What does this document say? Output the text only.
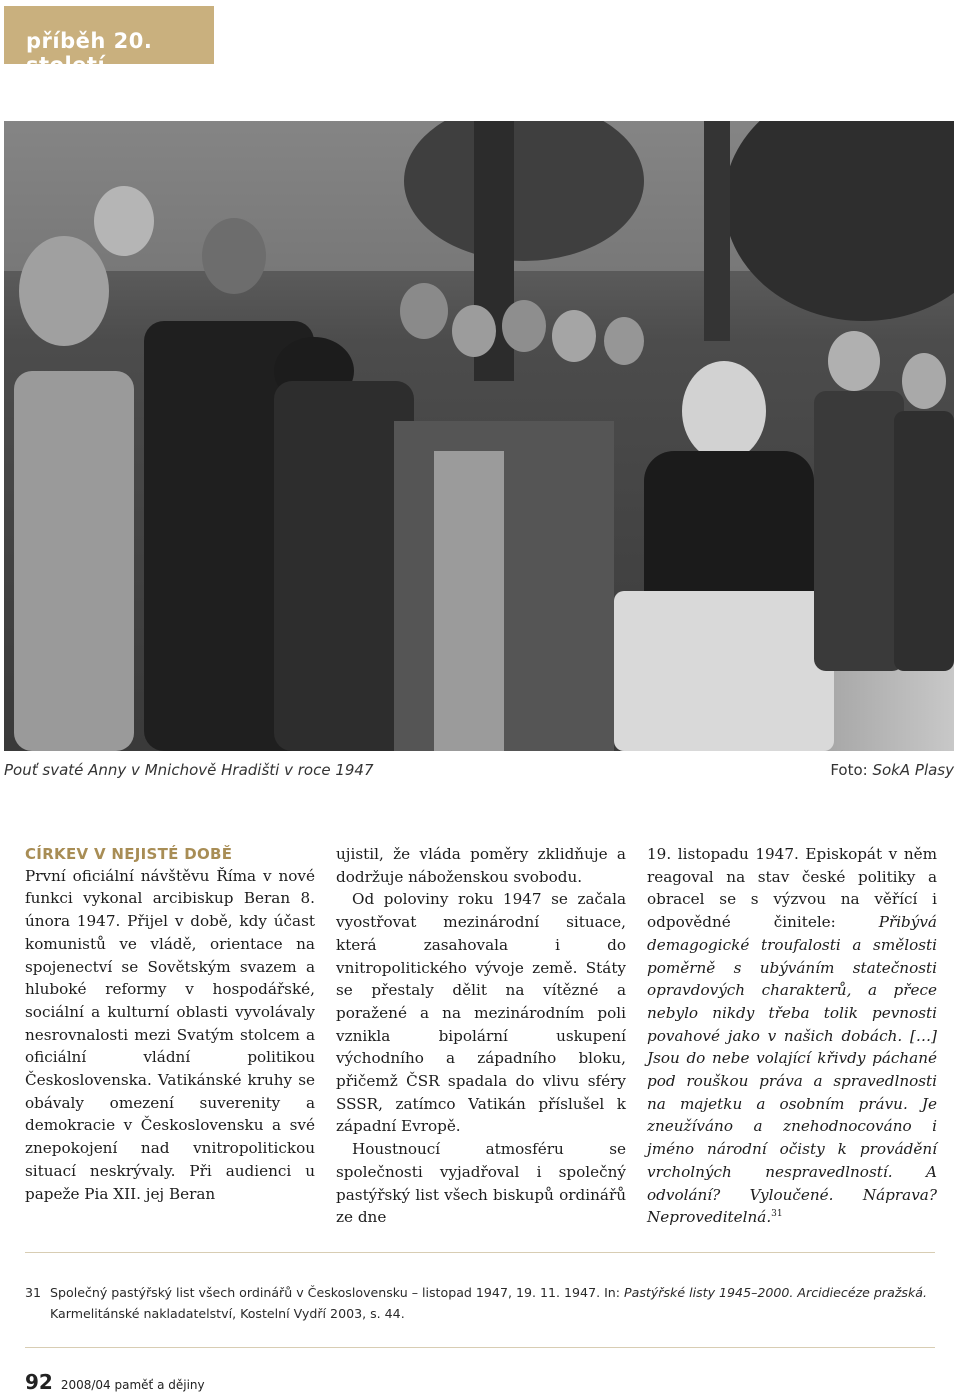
příběh 20. století
Pouť svaté Anny v Mnichově Hradišti v roce 1947	Foto: SokA Plasy
CÍRKEV V NEJISTÉ DOBĚ

První oficiální návštěvu Říma v nové funkci vykonal arcibiskup Beran 8. února 1947. Přijel v době, kdy účast komunistů ve vládě, orientace na spojenectví se Sovětským svazem a hluboké reformy v hospodářské, sociální a kulturní oblasti vyvolávaly nesrovnalosti mezi Svatým stolcem a oficiální vládní politikou Československa. Vatikánské kruhy se obávaly omezení suverenity a demokracie v Československu a své znepokojení nad vnitropolitickou situací neskrývaly. Při audienci u papeže Pia XII. jej Beran

ujistil, že vláda poměry zklidňuje a dodržuje náboženskou svobodu.

Od poloviny roku 1947 se začala vyostřovat mezinárodní situace, která zasahovala i do vnitropolitického vývoje země. Státy se přestaly dělit na vítězné a poražené a na mezinárodním poli vznikla bipolární uskupení východního a západního bloku, přičemž ČSR spadala do vlivu sféry SSSR, zatímco Vatikán příslušel k západní Evropě.

Houstnoucí atmosféru se společnosti vyjadřoval i společný pastýřský list všech biskupů ordinářů ze dne

19. listopadu 1947. Episkopát v něm reagoval na stav české politiky a obracel se s výzvou na věřící i odpovědné činitele: Přibývá demagogické troufalosti a smělosti poměrně s ubýváním statečnosti opravdových charakterů, a přece nebylo nikdy třeba tolik pevnosti povahové jako v našich dobách. […] Jsou do nebe volající křivdy páchané pod rouškou práva a spravedlnosti na majetku a osobním právu. Je zneužíváno a znehodnocováno i jméno národní očisty k provádění vrcholných nespravedlností. A odvolání? Vyloučené. Náprava? Neproveditelná.$^{31}$

31 Společný pastýřský list všech ordinářů v Československu – listopad 1947, 19. 11. 1947. In: Pastýřské listy 1945–2000. Arcidiecéze pražská. Karmelitánské nakladatelství, Kostelní Vydří 2003, s. 44.
92 2008/04 paměť a dějiny
